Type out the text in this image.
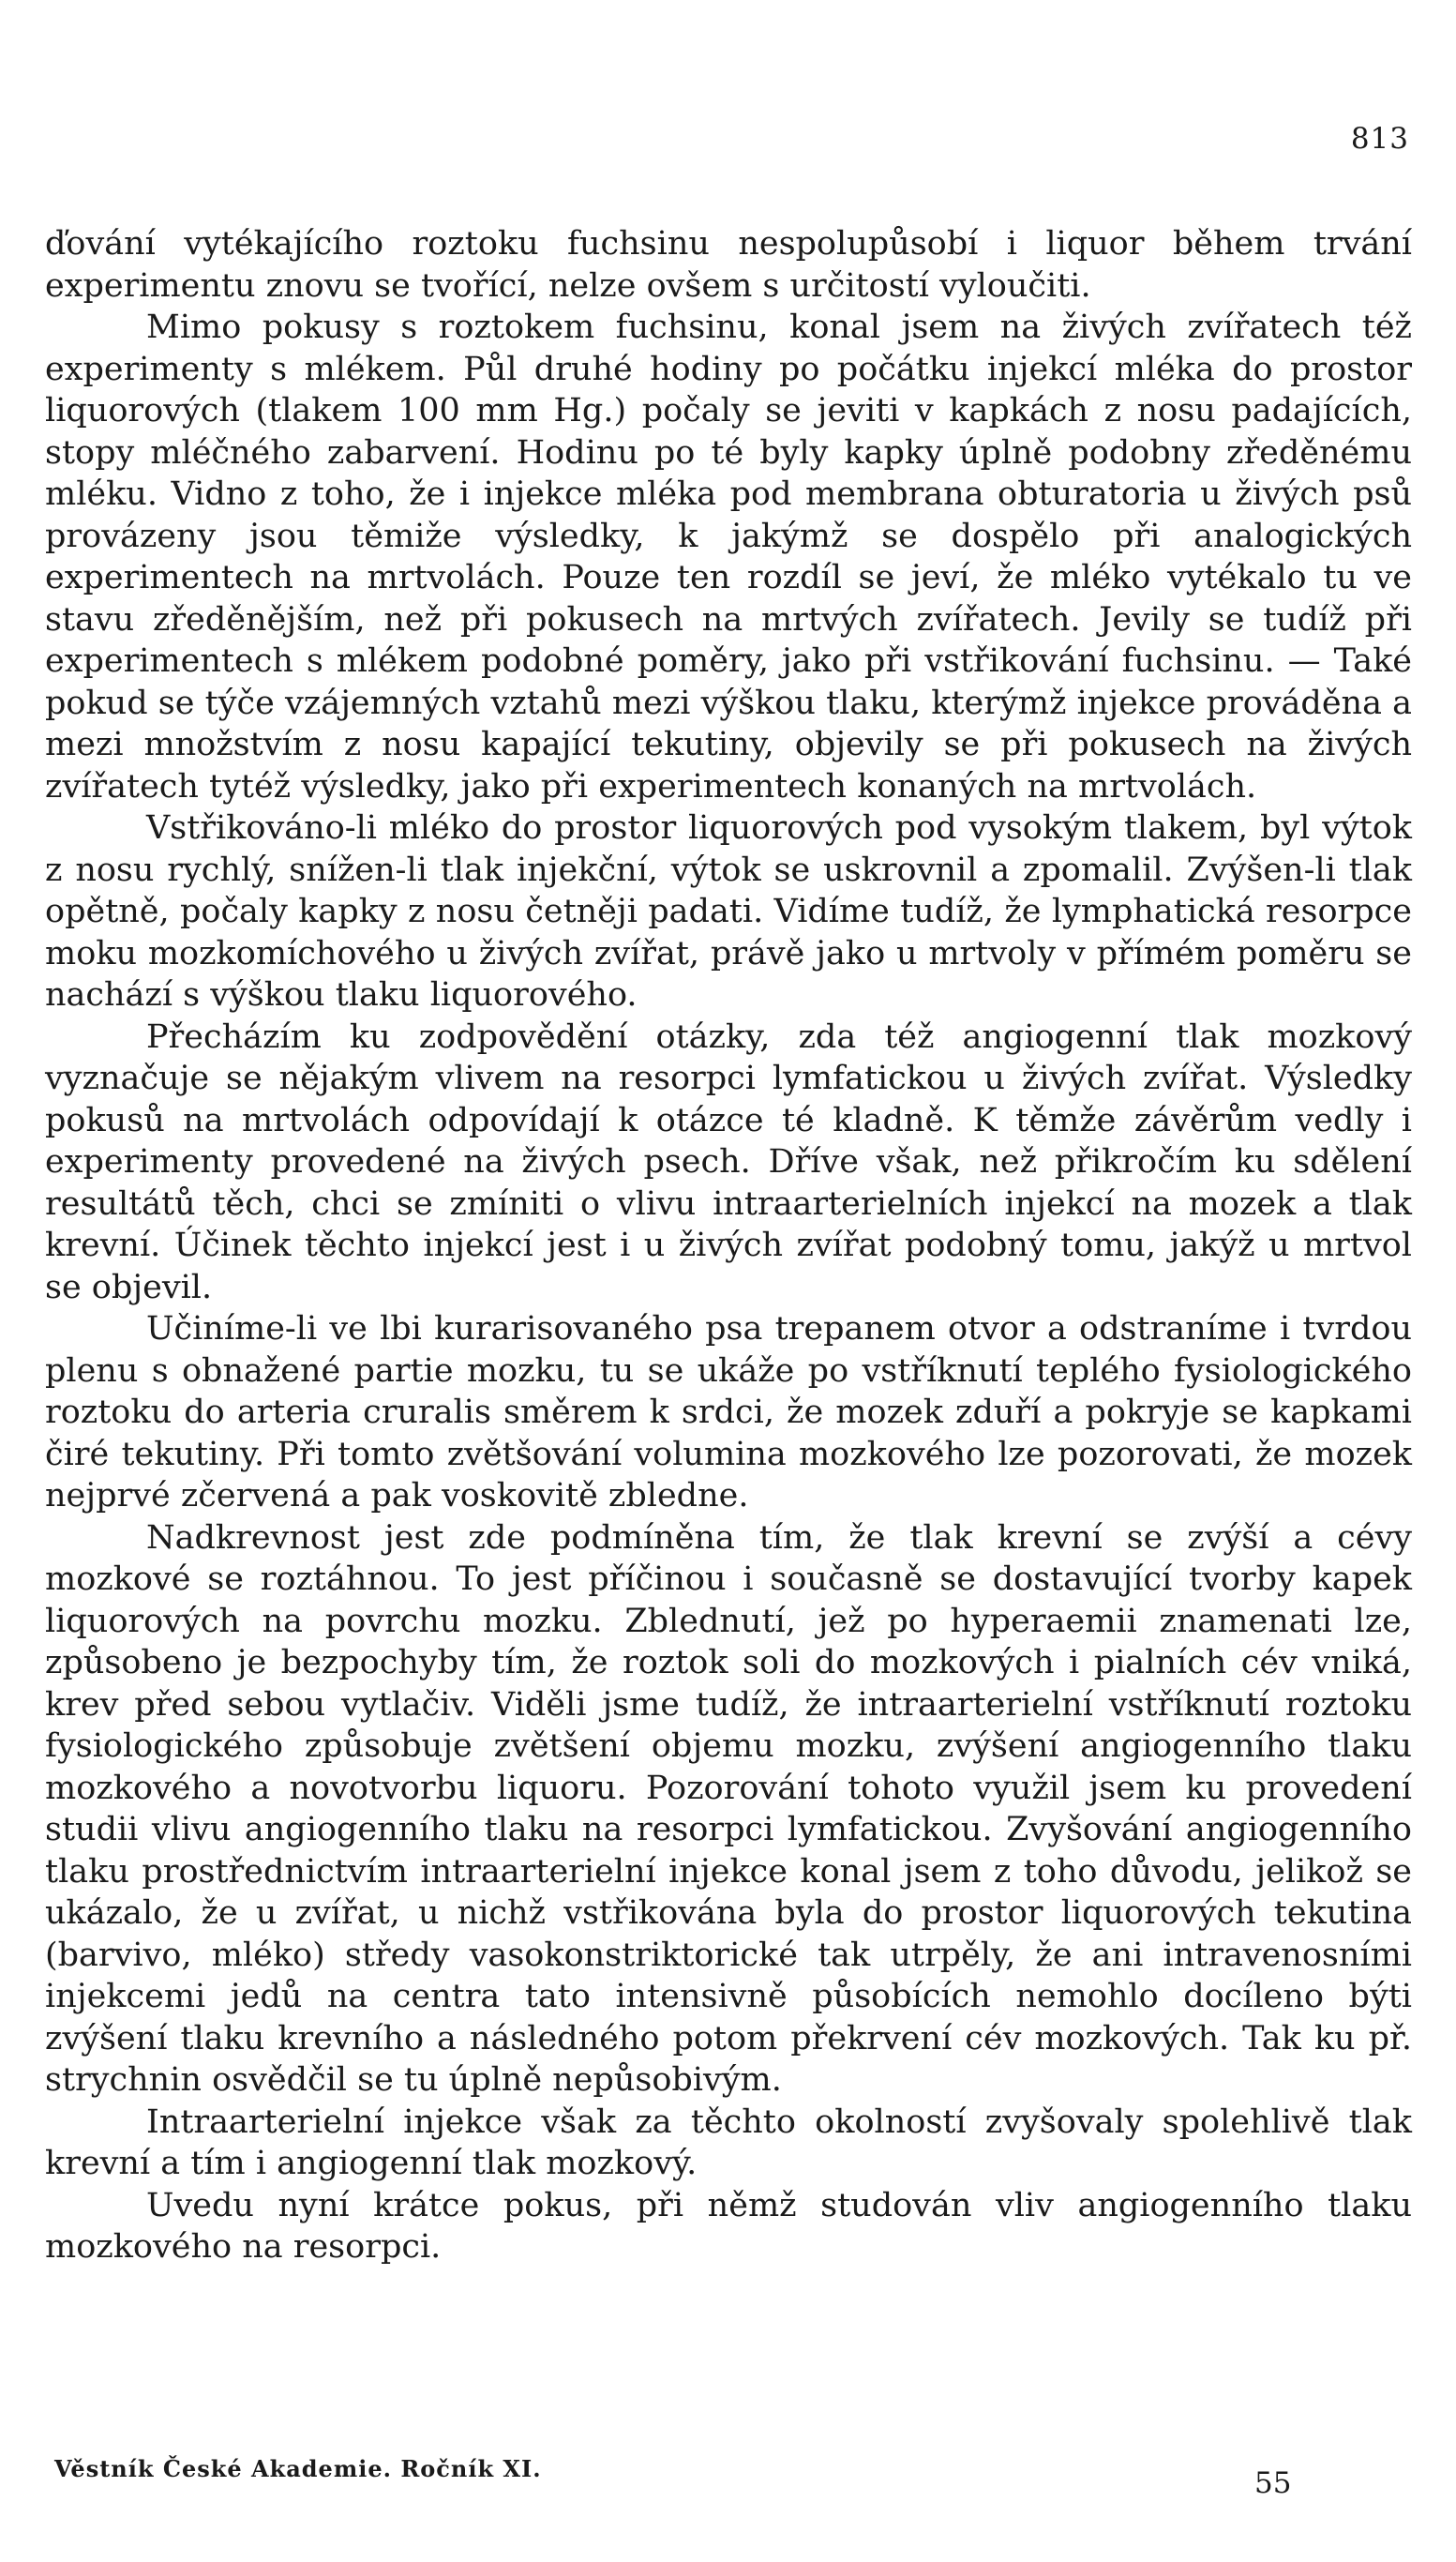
813

ďování vytékajícího roztoku fuchsinu nespolupůsobí i liquor během trvání experimentu znovu se tvořící, nelze ovšem s určitostí vyloučiti.

Mimo pokusy s roztokem fuchsinu, konal jsem na živých zvířatech též experimenty s mlékem. Půl druhé hodiny po počátku injekcí mléka do prostor liquorových (tlakem 100 mm Hg.) počaly se jeviti v kapkách z nosu padajících, stopy mléčného zabarvení. Hodinu po té byly kapky úplně podobny zředěnému mléku. Vidno z toho, že i injekce mléka pod membrana obturatoria u živých psů provázeny jsou těmiže výsledky, k jakýmž se dospělo při analogických experimentech na mrtvolách. Pouze ten rozdíl se jeví, že mléko vytékalo tu ve stavu zředěnějším, než při pokusech na mrtvých zvířatech. Jevily se tudíž při experimentech s mlékem podobné poměry, jako při vstřikování fuchsinu. — Také pokud se týče vzájemných vztahů mezi výškou tlaku, kterýmž injekce prováděna a mezi množstvím z nosu kapající tekutiny, objevily se při pokusech na živých zvířatech tytéž výsledky, jako při experimentech konaných na mrtvolách.

Vstřikováno-li mléko do prostor liquorových pod vysokým tlakem, byl výtok z nosu rychlý, snížen-li tlak injekční, výtok se uskrovnil a zpomalil. Zvýšen-li tlak opětně, počaly kapky z nosu četněji padati. Vidíme tudíž, že lymphatická resorpce moku mozkomíchového u živých zvířat, právě jako u mrtvoly v přímém poměru se nachází s výškou tlaku liquorového.

Přecházím ku zodpovědění otázky, zda též angiogenní tlak mozkový vyznačuje se nějakým vlivem na resorpci lymfatickou u živých zvířat. Výsledky pokusů na mrtvolách odpovídají k otázce té kladně. K těmže závěrům vedly i experimenty provedené na živých psech. Dříve však, než přikročím ku sdělení resultátů těch, chci se zmíniti o vlivu intraarterielních injekcí na mozek a tlak krevní. Účinek těchto injekcí jest i u živých zvířat podobný tomu, jakýž u mrtvol se objevil.

Učiníme-li ve lbi kurarisovaného psa trepanem otvor a odstraníme i tvrdou plenu s obnažené partie mozku, tu se ukáže po vstříknutí teplého fysiologického roztoku do arteria cruralis směrem k srdci, že mozek zduří a pokryje se kapkami čiré tekutiny. Při tomto zvětšování volumina mozkového lze pozorovati, že mozek nejprvé zčervená a pak voskovitě zbledne.

Nadkrevnost jest zde podmíněna tím, že tlak krevní se zvýší a cévy mozkové se roztáhnou. To jest příčinou i současně se dostavující tvorby kapek liquorových na povrchu mozku. Zblednutí, jež po hyperaemii znamenati lze, způsobeno je bezpochyby tím, že roztok soli do mozkových i pialních cév vniká, krev před sebou vytlačiv. Viděli jsme tudíž, že intraarterielní vstříknutí roztoku fysiologického způsobuje zvětšení objemu mozku, zvýšení angiogenního tlaku mozkového a novotvorbu liquoru. Pozorování tohoto využil jsem ku provedení studii vlivu angiogenního tlaku na resorpci lymfatickou. Zvyšování angiogenního tlaku prostřednictvím intraarterielní injekce konal jsem z toho důvodu, jelikož se ukázalo, že u zvířat, u nichž vstřikována byla do prostor liquorových tekutina (barvivo, mléko) středy vasokonstriktorické tak utrpěly, že ani intravenosními injekcemi jedů na centra tato intensivně působících nemohlo docíleno býti zvýšení tlaku krevního a následného potom překrvení cév mozkových. Tak ku př. strychnin osvědčil se tu úplně nepůsobivým.

Intraarterielní injekce však za těchto okolností zvyšovaly spolehlivě tlak krevní a tím i angiogenní tlak mozkový.

Uvedu nyní krátce pokus, při němž studován vliv angiogenního tlaku mozkového na resorpci.

Věstník České Akademie. Ročník XI.	55
